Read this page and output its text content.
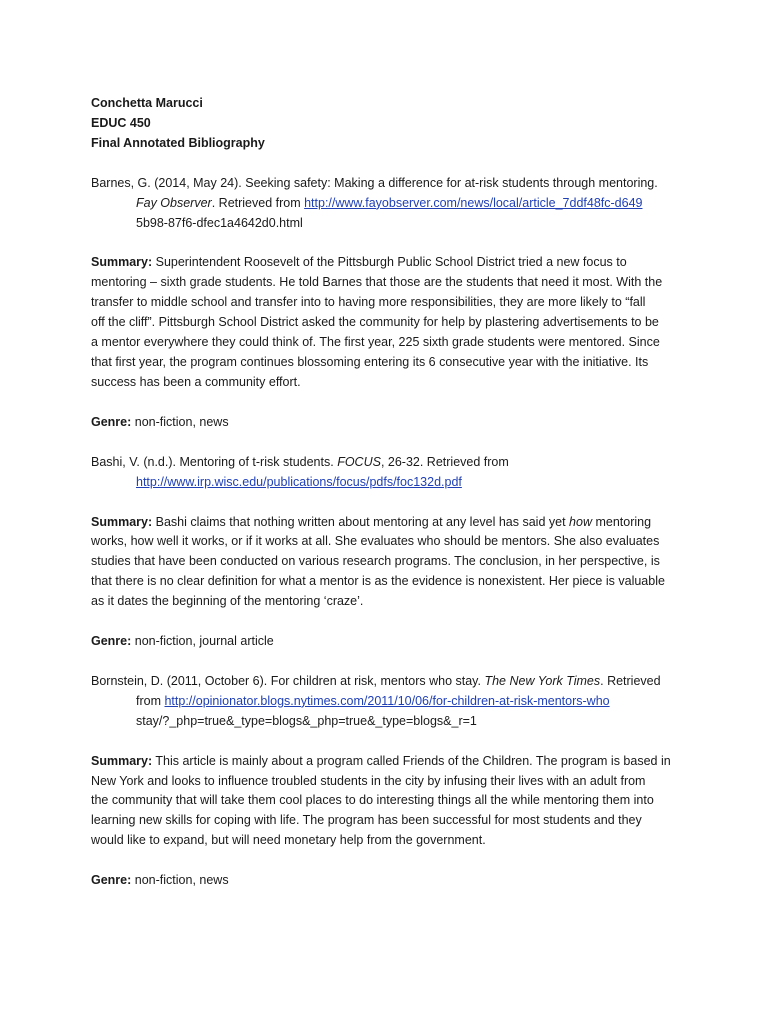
Conchetta Marucci
EDUC 450
Final Annotated Bibliography
Barnes, G. (2014, May 24). Seeking safety: Making a difference for at-risk students through mentoring.
Fay Observer. Retrieved from http://www.fayobserver.com/news/local/article_7ddf48fc-d649
5b98-87f6-dfec1a4642d0.html
Summary: Superintendent Roosevelt of the Pittsburgh Public School District tried a new focus to
mentoring – sixth grade students. He told Barnes that those are the students that need it most. With the
transfer to middle school and transfer into to having more responsibilities, they are more likely to “fall
off the cliff”. Pittsburgh School District asked the community for help by plastering advertisements to be
a mentor everywhere they could think of. The first year, 225 sixth grade students were mentored. Since
that first year, the program continues blossoming entering its 6 consecutive year with the initiative. Its
success has been a community effort.
Genre: non-fiction, news
Bashi, V. (n.d.). Mentoring of t-risk students. FOCUS, 26-32. Retrieved from
http://www.irp.wisc.edu/publications/focus/pdfs/foc132d.pdf
Summary: Bashi claims that nothing written about mentoring at any level has said yet how mentoring
works, how well it works, or if it works at all. She evaluates who should be mentors. She also evaluates
studies that have been conducted on various research programs. The conclusion, in her perspective, is
that there is no clear definition for what a mentor is as the evidence is nonexistent. Her piece is valuable
as it dates the beginning of the mentoring ‘craze’.
Genre: non-fiction, journal article
Bornstein, D. (2011, October 6). For children at risk, mentors who stay. The New York Times. Retrieved
from http://opinionator.blogs.nytimes.com/2011/10/06/for-children-at-risk-mentors-who
stay/?_php=true&_type=blogs&_php=true&_type=blogs&_r=1
Summary: This article is mainly about a program called Friends of the Children. The program is based in
New York and looks to influence troubled students in the city by infusing their lives with an adult from
the community that will take them cool places to do interesting things all the while mentoring them into
learning new skills for coping with life. The program has been successful for most students and they
would like to expand, but will need monetary help from the government.
Genre: non-fiction, news
